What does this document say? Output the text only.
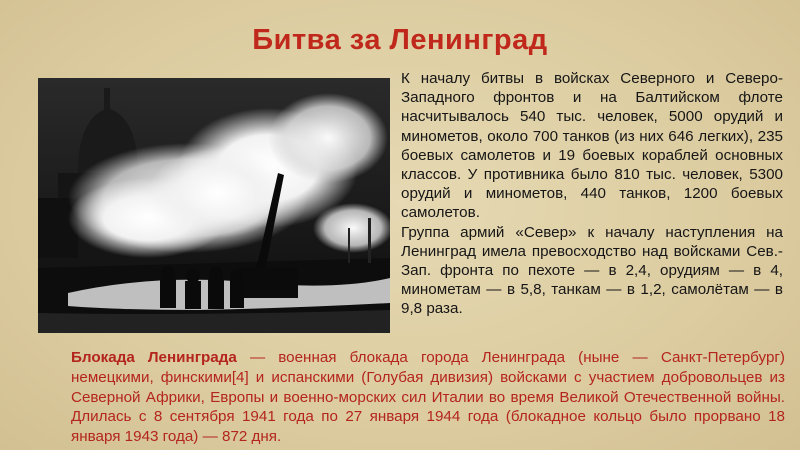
Битва за Ленинград

К началу битвы в войсках Северного и Северо-Западного фронтов и на Балтийском флоте насчитывалось 540 тыс. человек, 5000 орудий и минометов, около 700 танков (из них 646 легких), 235 боевых самолетов и 19 боевых кораблей основных классов. У противника было 810 тыс. человек, 5300 орудий и минометов, 440 танков, 1200 боевых самолетов.

Группа армий «Север» к началу наступления на Ленинград имела превосходство над войсками Сев.-Зап. фронта по пехоте — в 2,4, орудиям — в 4, минометам — в 5,8, танкам — в 1,2, самолётам — в 9,8 раза.

Блокада Ленинграда — военная блокада города Ленинграда (ныне — Санкт-Петербург) немецкими, финскими[4] и испанскими (Голубая дивизия) войсками с участием добровольцев из Северной Африки, Европы и военно-морских сил Италии во время Великой Отечественной войны. Длилась с 8 сентября 1941 года по 27 января 1944 года (блокадное кольцо было прорвано 18 января 1943 года) — 872 дня.
